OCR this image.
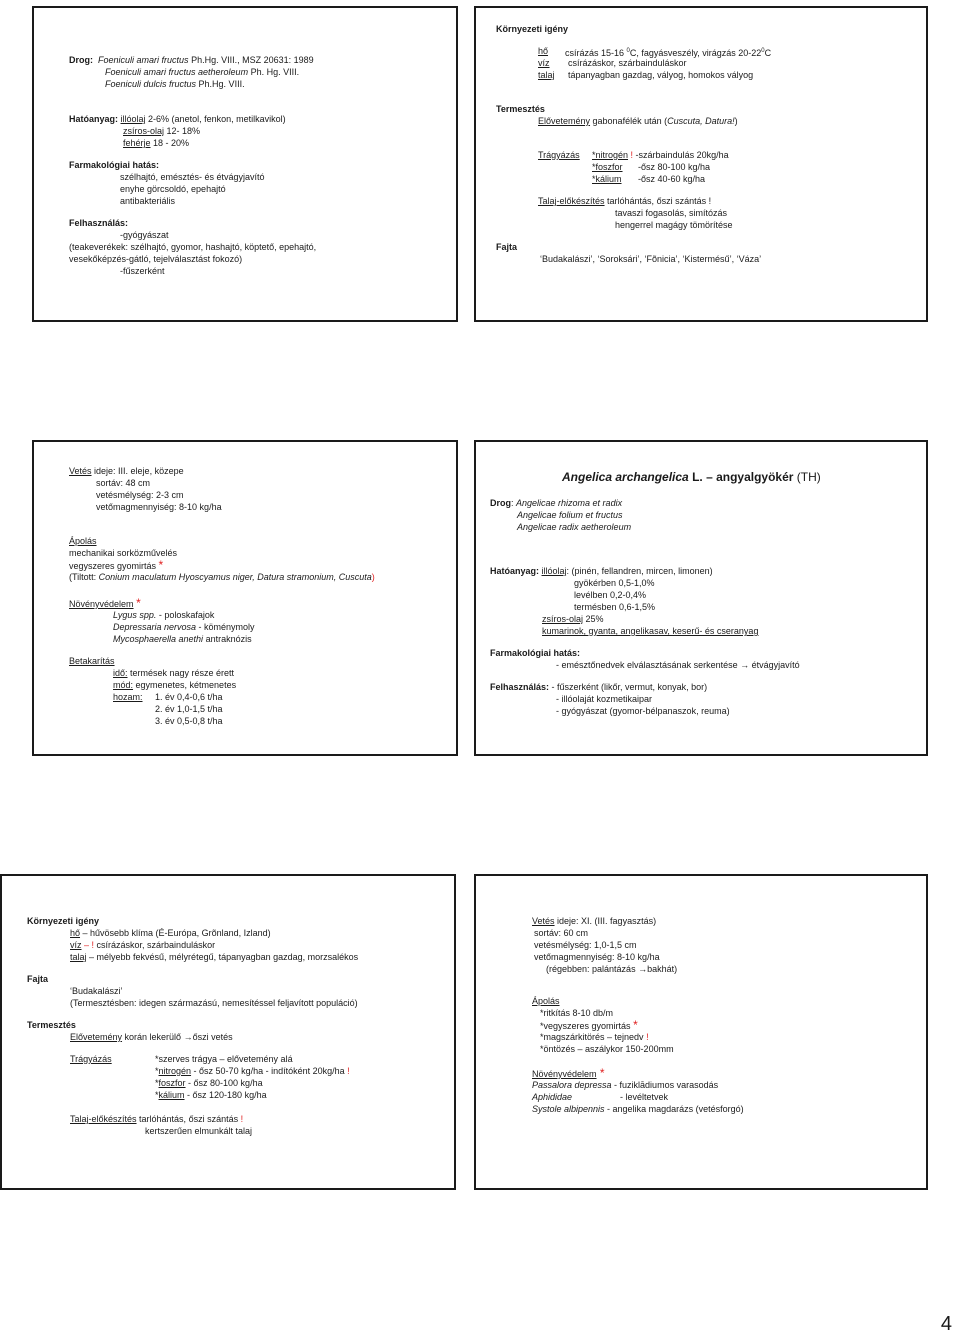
Drog: Foeniculi amari fructus Ph.Hg. VIII., MSZ 20631: 1989
Foeniculi amari fructus aetheroleum Ph. Hg. VIII.
Foeniculi dulcis fructus Ph.Hg. VIII.
Hatóanyag: illóolaj 2-6% (anetol, fenkon, metilkavikol)
zsíros-olaj 12- 18%
fehérje 18 - 20%
Farmakológiai hatás:
szélhajtó, emésztés- és étvágyjavító
enyhe görcsoldó, epehajtó
antibakteriális
Felhasználás:
-gyógyászat
(teakeverékek: szélhajtó, gyomor, hashajtó, köptető, epehajtó,
vesekőképzés-gátló, tejelválasztást fokozó)
-fűszerként
Környezeti igény
hő csírázás 15-16 $^0$C, fagyásveszély, virágzás $20-22^0C$
víz csírázáskor, szárbainduláskor
talaj tápanyagban gazdag, vályog, homokos vályog
Termesztés
Elővetemény gabonafélék után (Cuscuta, Datura!)
Trágyázás *nitrogén ! -szárbaindulás 20kg/ha
*foszfor -ősz 80-100 kg/ha
*kálium -ősz 40-60 kg/ha
Talaj-előkészítés tarlóhántás, őszi szántás !
tavaszi fogasolás, simítózás
hengerrel magágy tömörítése
Fajta
‘Budakalászi’, ‘Soroksári’, ‘Fõnicia’, ‘Kistermésű’, ‘Váza’
Vetés ideje: III. eleje, közepe
sortáv: 48 cm
vetésmélység: 2-3 cm
vetőmagmennyiség: 8-10 kg/ha
Ápolás
mechanikai sorközművelés
vegyszeres gyomirtás *
(Tiltott: Conium maculatum Hyoscyamus niger, Datura stramonium, Cuscuta)
Növényvédelem *
Lygus spp. - poloskafajok
Depressaria nervosa - köménymoly
Mycosphaerella anethi antraknózis
Betakarítás
idő: termések nagy része érett
mód: egymenetes, kétmenetes
hozam: 1. év 0,4-0,6 t/ha
2. év 1,0-1,5 t/ha
3. év 0,5-0,8 t/ha
Angelica archangelica L. – angyalgyökér (TH)
Drog: Angelicae rhizoma et radix
Angelicae folium et fructus
Angelicae radix aetheroleum
Hatóanyag: illóolaj: (pinén, fellandren, mircen, limonen)
gyökérben 0,5-1,0%
levélben 0,2-0,4%
termésben 0,6-1,5%
zsíros-olaj 25%
kumarinok, gyanta, angelikasav, keserű- és cseranyag
Farmakológiai hatás:
- emésztőnedvek elválasztásának serkentése → étvágyjavító
Felhasználás: - fűszerként (likőr, vermut, konyak, bor)
- illóolaját kozmetikaipar
- gyógyászat (gyomor-bélpanaszok, reuma)
Környezeti igény
hő – hűvösebb klíma (É-Európa, Grõnland, Izland)
víz – ! csírázáskor, szárbainduláskor
talaj – mélyebb fekvésű, mélyrétegű, tápanyagban gazdag, morzsalékos
Fajta
‘Budakalászi’
(Termesztésben: idegen származású, nemesítéssel feljavított populáció)
Termesztés
Elővetemény korán lekerülő →őszi vetés
Trágyázás	*szerves trágya – elővetemény alá
*nitrogén - ősz 50-70 kg/ha - indítóként 20kg/ha !
*foszfor - ősz 80-100 kg/ha
*kálium - ősz 120-180 kg/ha
Talaj-előkészítés tarlóhántás, őszi szántás !
kertszerűen elmunkált talaj
Vetés ideje: XI. (III. fagyasztás)
sortáv: 60 cm
vetésmélység: 1,0-1,5 cm
vetőmagmennyiség: 8-10 kg/ha
(régebben: palántázás →bakhát)
Ápolás
*ritkítás 8-10 db/m
*vegyszeres gyomirtás *
*magszárkitörés – tejnedv !
*öntözés – aszálykor 150-200mm
Növényvédelem *
Passalora depressa - fuziklādiumos varasodás
Aphididae	- levéltetvek
Systole albipennis - angelika magdarázs (vetésforgó)
4
